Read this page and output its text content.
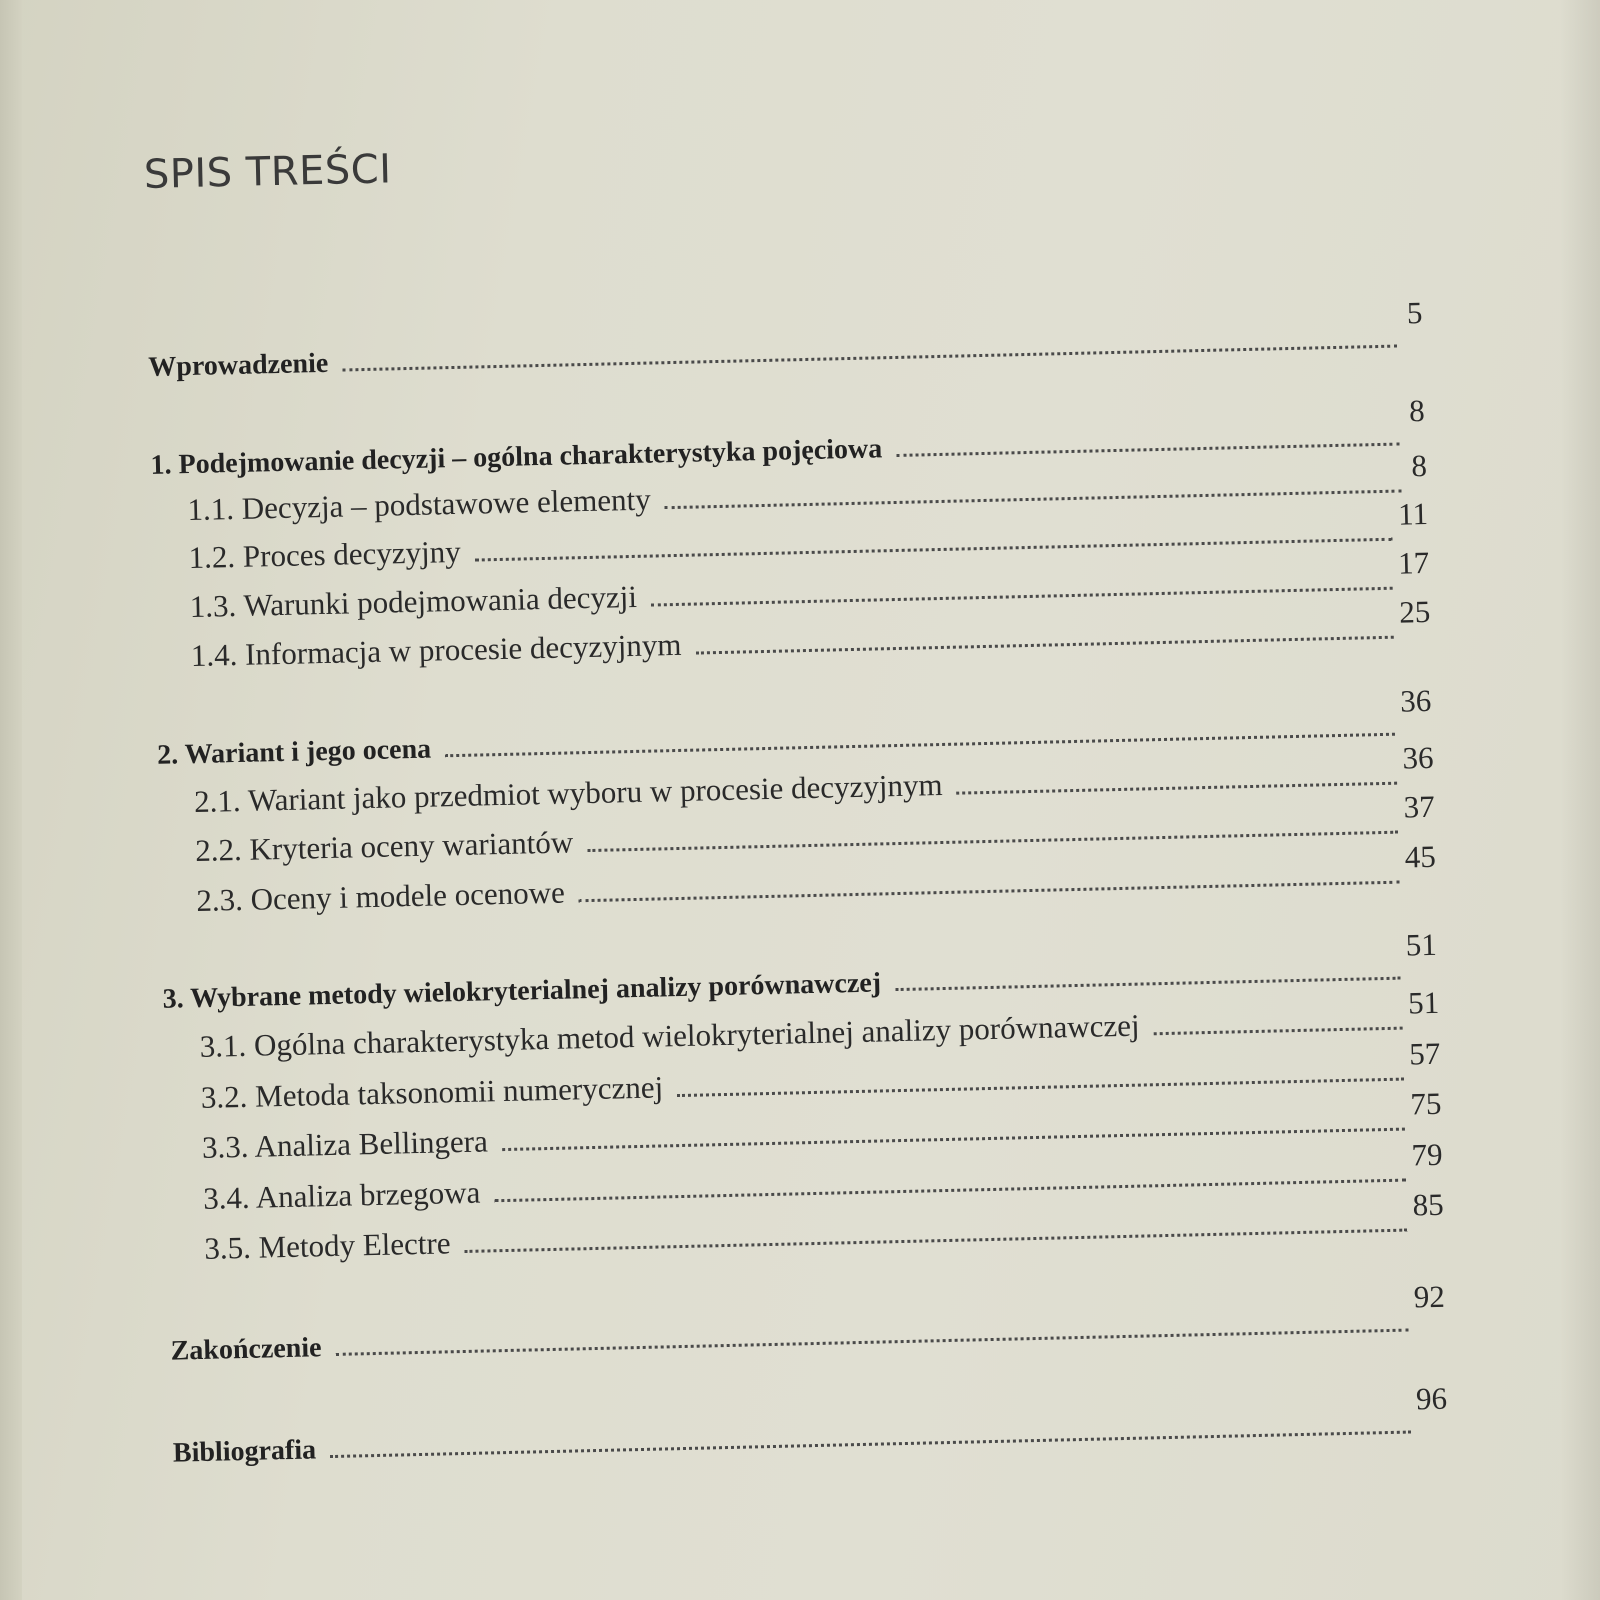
SPIS TREŚCI
Wprowadzenie
5
1. Podejmowanie decyzji – ogólna charakterystyka pojęciowa
8
1.1. Decyzja – podstawowe elementy
8
1.2. Proces decyzyjny
11
1.3. Warunki podejmowania decyzji
17
1.4. Informacja w procesie decyzyjnym
25
2. Wariant i jego ocena
36
2.1. Wariant jako przedmiot wyboru w procesie decyzyjnym
36
2.2. Kryteria oceny wariantów
37
2.3. Oceny i modele ocenowe
45
3. Wybrane metody wielokryterialnej analizy porównawczej
51
3.1. Ogólna charakterystyka metod wielokryterialnej analizy porównawczej
51
3.2. Metoda taksonomii numerycznej
57
3.3. Analiza Bellingera
75
3.4. Analiza brzegowa
79
3.5. Metody Electre
85
Zakończenie
92
Bibliografia
96
